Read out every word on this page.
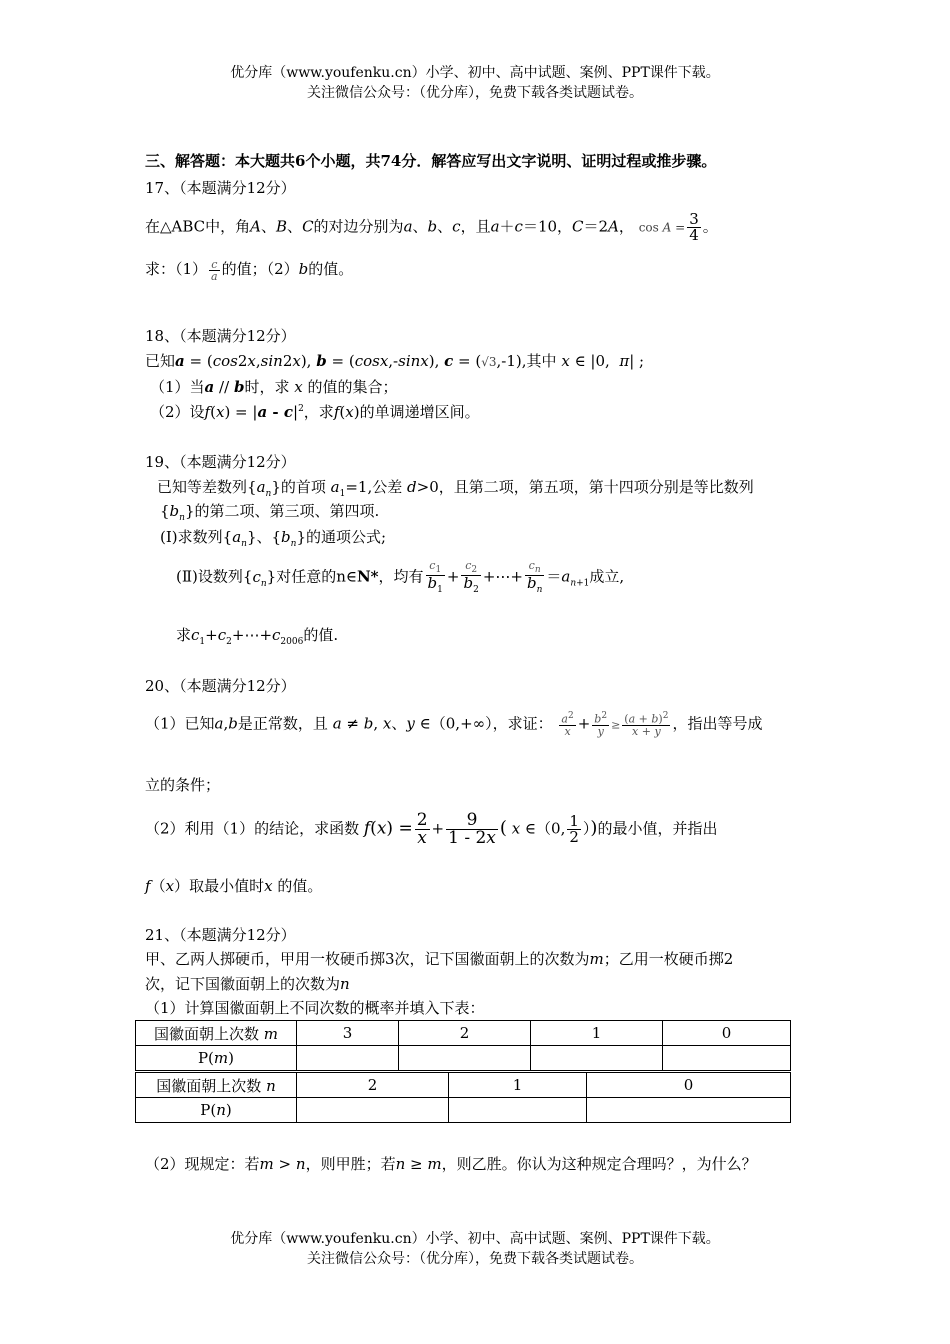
优分库（www.youfenku.cn）小学、初中、高中试题、案例、PPT课件下载。
关注微信公众号：（优分库），免费下载各类试题试卷。
三、解答题：本大题共6个小题，共74分．解答应写出文字说明、证明过程或推步骤。
17、（本题满分12分）
在△ABC中，角A、B、C的对边分别为a、b、c，且a＋c＝10，C＝2A， $\cos A = \frac{3}{4}$ 。
求：$(1) \frac{c}{a}$ 的值；（2）b的值。
18、（本题满分12分）
已知a = (cos2x,sin2x), b = (cosx,-sinx), c = (√3,-1),其中 x ∈ |0,  π| ;
（1）当a // b时，求 x 的值的集合；
（2）设$f(x) = |a - c|^2$，求f(x)的单调递增区间。
19、（本题满分12分）
已知等差数列$\{a_n\}$的首项 $a_1=1$,公差 d>0，且第二项，第五项，第十四项分别是等比数列
$\{b_n\}$的第二项、第三项、第四项.
(Ⅰ)求数列$\{a_n\}$、$\{b_n\}$的通项公式;
(Ⅱ)设数列$\{c_n\}$对任意的n∈N*，均有 $\frac{c_1}{b_1} + \frac{c_2}{b_2}$ +⋯+ $\frac{c_n}{b_n} =a_{n+1}$成立,
求$c_1+c_2+\cdots+c_{2006}$的值.
20、（本题满分12分）
（1）已知a,b是正常数，且 a ≠ b, x、y ∈（0,+∞），求证： $\frac{a^2}{x} + \frac{b^2}{y} \ge \frac{(a + b)^2}{x + y}$ ，指出等号成
立的条件；
（2）利用（1）的结论，求函数 $f(x) = \frac{2}{x} + \frac{9}{1 - 2x}$ ( x ∈（0, $\frac{1}{2}$ ）)的最小值，并指出
f（x）取最小值时x 的值。
21、（本题满分12分）
甲、乙两人掷硬币，甲用一枚硬币掷3次，记下国徽面朝上的次数为m；乙用一枚硬币掷2
次，记下国徽面朝上的次数为n
（1）计算国徽面朝上不同次数的概率并填入下表：
国徽面朝上次数 m	3	2	1	0
P(m)				
国徽面朝上次数 n	2	1	0
P(n)			
（2）现规定：若m > n，则甲胜；若n ≥ m，则乙胜。你认为这种规定合理吗？，为什么？
优分库（www.youfenku.cn）小学、初中、高中试题、案例、PPT课件下载。
关注微信公众号：（优分库），免费下载各类试题试卷。
